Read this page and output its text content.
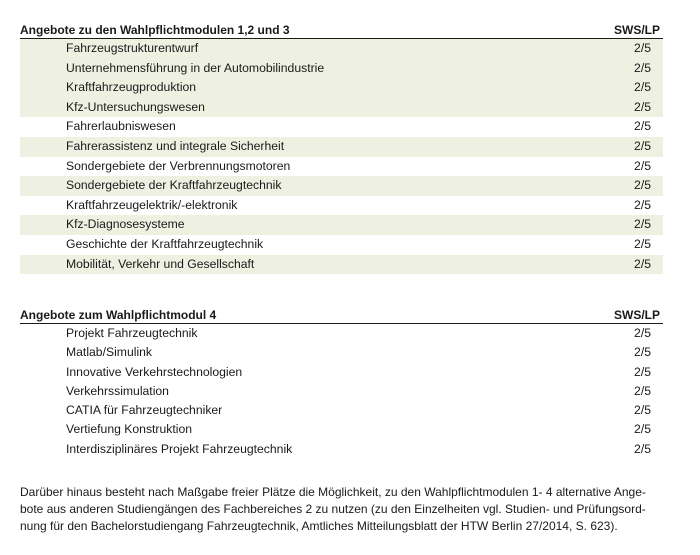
Angebote zu den Wahlpflichtmodulen 1,2 und 3	SWS/LP
Fahrzeugstrukturentwurf	2/5
Unternehmensführung in der Automobilindustrie	2/5
Kraftfahrzeugproduktion	2/5
Kfz-Untersuchungswesen	2/5
Fahrerlaubniswesen	2/5
Fahrerassistenz und integrale Sicherheit	2/5
Sondergebiete der Verbrennungsmotoren	2/5
Sondergebiete der Kraftfahrzeugtechnik	2/5
Kraftfahrzeugelektrik/-elektronik	2/5
Kfz-Diagnosesysteme	2/5
Geschichte der Kraftfahrzeugtechnik	2/5
Mobilität, Verkehr und Gesellschaft	2/5
Angebote zum Wahlpflichtmodul 4	SWS/LP
Projekt Fahrzeugtechnik	2/5
Matlab/Simulink	2/5
Innovative Verkehrstechnologien	2/5
Verkehrssimulation	2/5
CATIA für Fahrzeugtechniker	2/5
Vertiefung Konstruktion	2/5
Interdisziplinäres Projekt Fahrzeugtechnik	2/5
Darüber hinaus besteht nach Maßgabe freier Plätze die Möglichkeit, zu den Wahlpflichtmodulen 1- 4 alternative Ange-
bote aus anderen Studiengängen des Fachbereiches 2 zu nutzen (zu den Einzelheiten vgl. Studien- und Prüfungsord-
nung für den Bachelorstudiengang Fahrzeugtechnik, Amtliches Mitteilungsblatt der HTW Berlin 27/2014, S. 623).
